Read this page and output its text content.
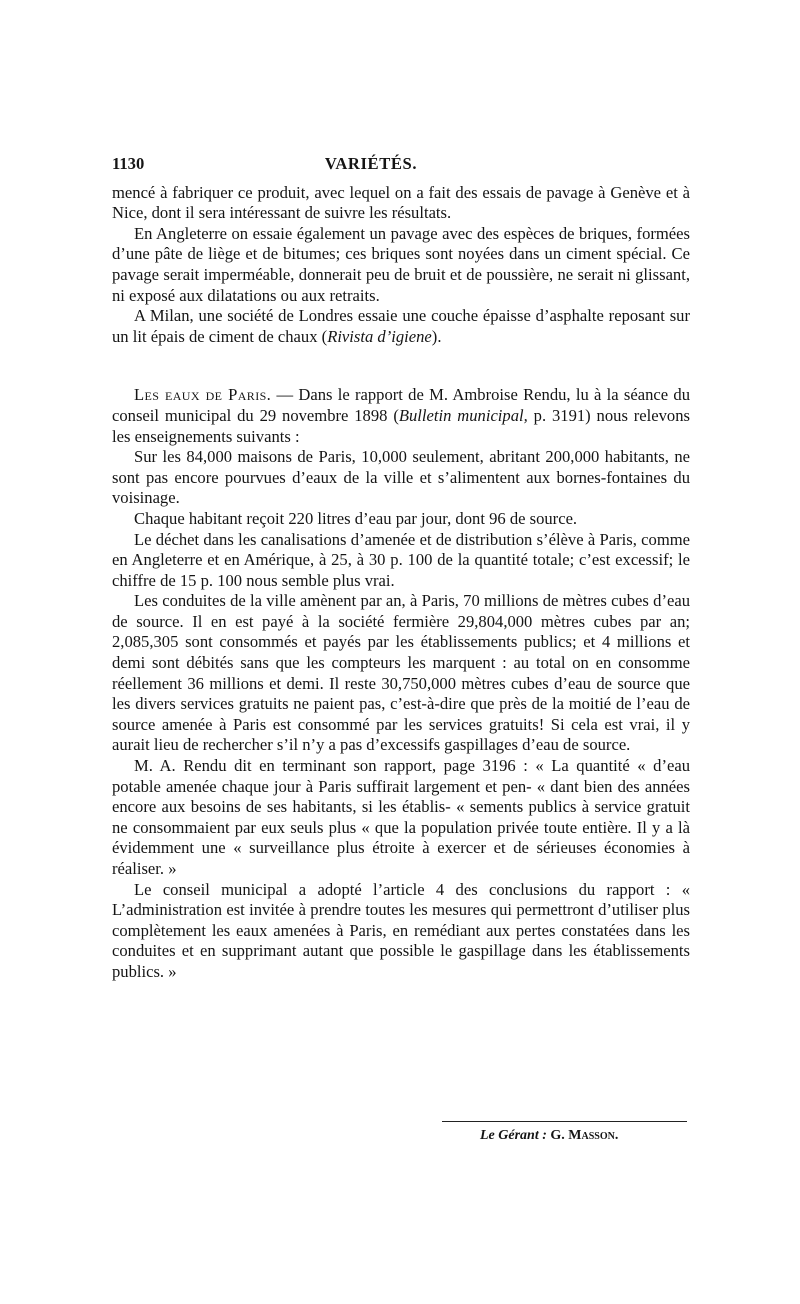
1130	VARIÉTÉS.

mencé à fabriquer ce produit, avec lequel on a fait des essais de pavage à Genève et à Nice, dont il sera intéressant de suivre les résultats.

En Angleterre on essaie également un pavage avec des espèces de briques, formées d’une pâte de liège et de bitumes; ces briques sont noyées dans un ciment spécial. Ce pavage serait imperméable, donnerait peu de bruit et de poussière, ne serait ni glissant, ni exposé aux dilatations ou aux retraits.

A Milan, une société de Londres essaie une couche épaisse d’asphalte reposant sur un lit épais de ciment de chaux (Rivista d’igiene).

Les eaux de Paris. — Dans le rapport de M. Ambroise Rendu, lu à la séance du conseil municipal du 29 novembre 1898 (Bulletin municipal, p. 3191) nous relevons les enseignements suivants :

Sur les 84,000 maisons de Paris, 10,000 seulement, abritant 200,000 habitants, ne sont pas encore pourvues d’eaux de la ville et s’alimentent aux bornes-fontaines du voisinage.

Chaque habitant reçoit 220 litres d’eau par jour, dont 96 de source.

Le déchet dans les canalisations d’amenée et de distribution s’élève à Paris, comme en Angleterre et en Amérique, à 25, à 30 p. 100 de la quantité totale; c’est excessif; le chiffre de 15 p. 100 nous semble plus vrai.

Les conduites de la ville amènent par an, à Paris, 70 millions de mètres cubes d’eau de source. Il en est payé à la société fermière 29,804,000 mètres cubes par an; 2,085,305 sont consommés et payés par les établissements publics; et 4 millions et demi sont débités sans que les compteurs les marquent : au total on en consomme réellement 36 millions et demi. Il reste 30,750,000 mètres cubes d’eau de source que les divers services gratuits ne paient pas, c’est-à-dire que près de la moitié de l’eau de source amenée à Paris est consommé par les services gratuits! Si cela est vrai, il y aurait lieu de rechercher s’il n’y a pas d’excessifs gaspillages d’eau de source.

M. A. Rendu dit en terminant son rapport, page 3196 : « La quantité « d’eau potable amenée chaque jour à Paris suffirait largement et pen- « dant bien des années encore aux besoins de ses habitants, si les établis- « sements publics à service gratuit ne consommaient par eux seuls plus « que la population privée toute entière. Il y a là évidemment une « surveillance plus étroite à exercer et de sérieuses économies à réaliser. »

Le conseil municipal a adopté l’article 4 des conclusions du rapport : « L’administration est invitée à prendre toutes les mesures qui permettront d’utiliser plus complètement les eaux amenées à Paris, en remédiant aux pertes constatées dans les conduites et en supprimant autant que possible le gaspillage dans les établissements publics. »

Le Gérant : G. Masson.
